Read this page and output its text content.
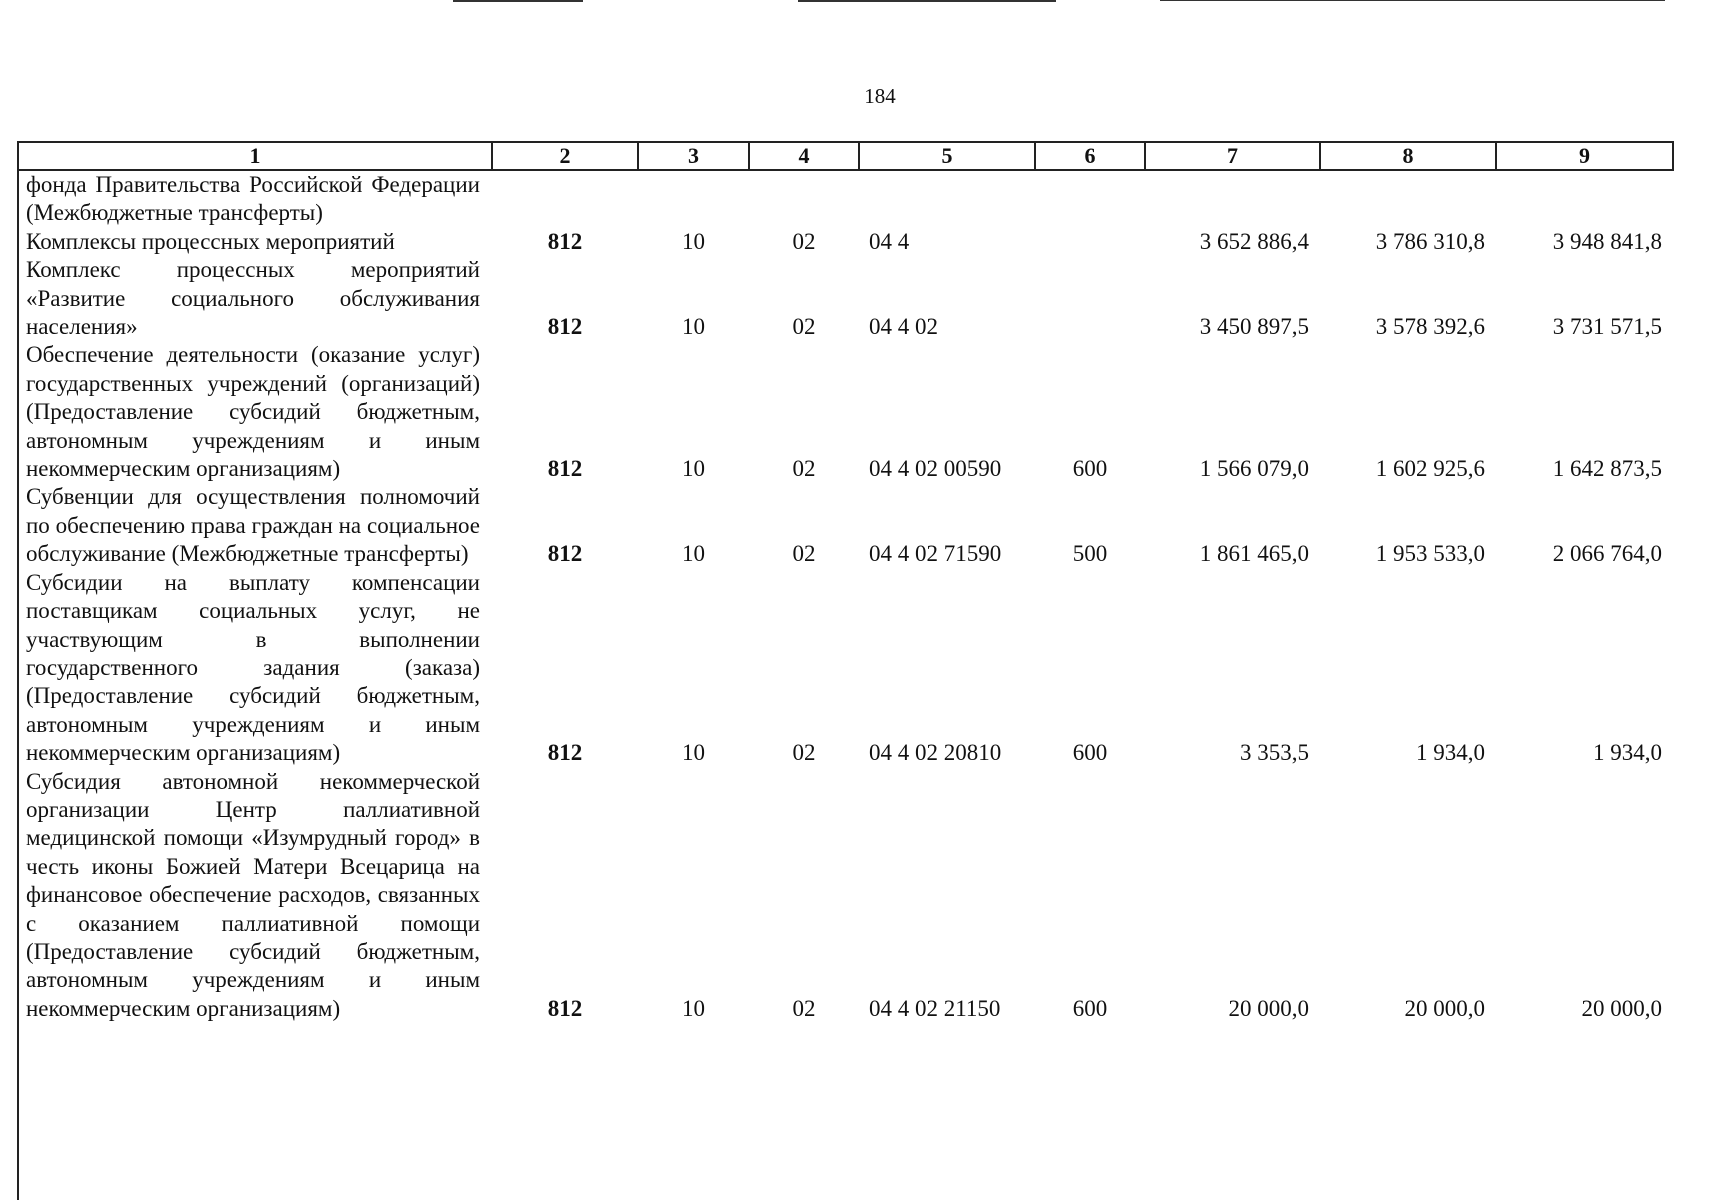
184
1	2	3	4	5	6	7	8	9
фонда Правительства Российской Федерации (Межбюджетные трансферты)								
Комплексы процессных мероприятий	812	10	02	04 4		3 652 886,4	3 786 310,8	3 948 841,8
Комплекс процессных мероприятий «Развитие социального обслуживания населения»	812	10	02	04 4 02		3 450 897,5	3 578 392,6	3 731 571,5
Обеспечение деятельности (оказание услуг) государственных учреждений (организаций) (Предоставление субсидий бюджетным, автономным учреждениям и иным некоммерческим организациям)	812	10	02	04 4 02 00590	600	1 566 079,0	1 602 925,6	1 642 873,5
Субвенции для осуществления полномочий по обеспечению права граждан на социальное обслуживание (Межбюджетные трансферты)	812	10	02	04 4 02 71590	500	1 861 465,0	1 953 533,0	2 066 764,0
Субсидии на выплату компенсации поставщикам социальных услуг, не участвующим в выполнении государственного задания (заказа) (Предоставление субсидий бюджетным, автономным учреждениям и иным некоммерческим организациям)	812	10	02	04 4 02 20810	600	3 353,5	1 934,0	1 934,0
Субсидия автономной некоммерческой организации Центр паллиативной медицинской помощи «Изумрудный город» в честь иконы Божией Матери Всецарица на финансовое обеспечение расходов, связанных с оказанием паллиативной помощи (Предоставление субсидий бюджетным, автономным учреждениям и иным некоммерческим организациям)	812	10	02	04 4 02 21150	600	20 000,0	20 000,0	20 000,0
